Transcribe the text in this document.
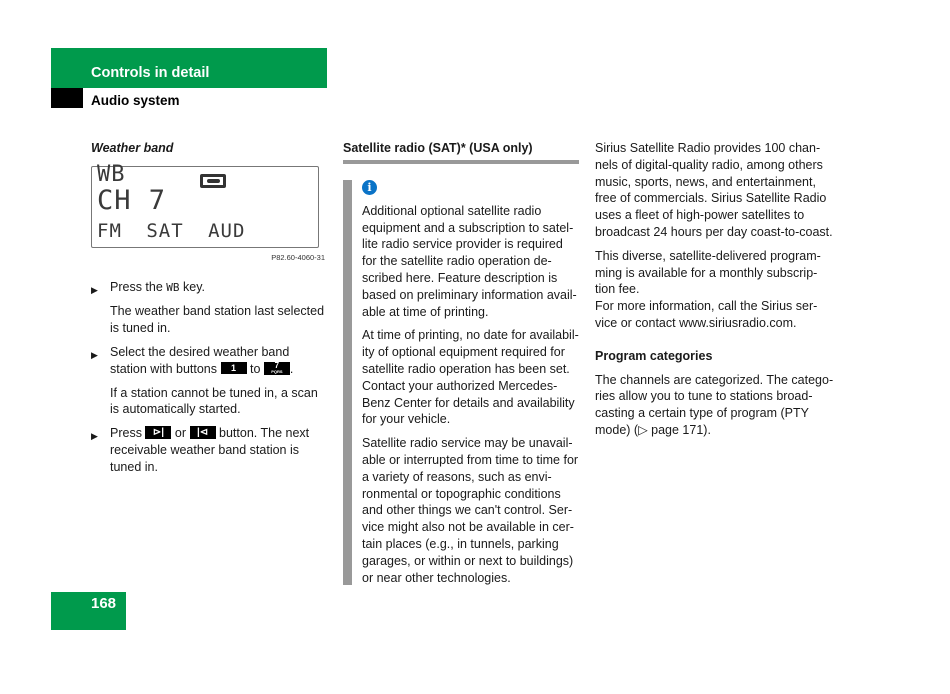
Controls in detail
Audio system
Weather band
WB
CH 7
FM SAT AUD
P82.60-4060-31
▶ Press the WB key.

The weather band station last selected is tuned in.

▶ Select the desired weather band station with buttons 1 to 7
PQRS .

If a station cannot be tuned in, a scan is automatically started.

▶ Press ⊳| or |⊲ button. The next receivable weather band station is tuned in.
Satellite radio (SAT)* (USA only)
i

Additional optional satellite radio equipment and a subscription to satel-lite radio service provider is required for the satellite radio operation de-scribed here. Feature description is based on preliminary information avail-able at time of printing.

At time of printing, no date for availabil-ity of optional equipment required for satellite radio operation has been set. Contact your authorized Mercedes-Benz Center for details and availability for your vehicle.

Satellite radio service may be unavail-able or interrupted from time to time for a variety of reasons, such as envi-ronmental or topographic conditions and other things we can't control. Ser-vice might also not be available in cer-tain places (e.g., in tunnels, parking garages, or within or next to buildings) or near other technologies.

Sirius Satellite Radio provides 100 chan-nels of digital-quality radio, among others music, sports, news, and entertainment, free of commercials. Sirius Satellite Radio uses a fleet of high-power satellites to broadcast 24 hours per day coast-to-coast.

This diverse, satellite-delivered program-ming is available for a monthly subscrip-tion fee.

For more information, call the Sirius ser-vice or contact www.siriusradio.com.

Program categories

The channels are categorized. The catego-ries allow you to tune to stations broad-casting a certain type of program (PTY mode) (▷ page 171).

168
